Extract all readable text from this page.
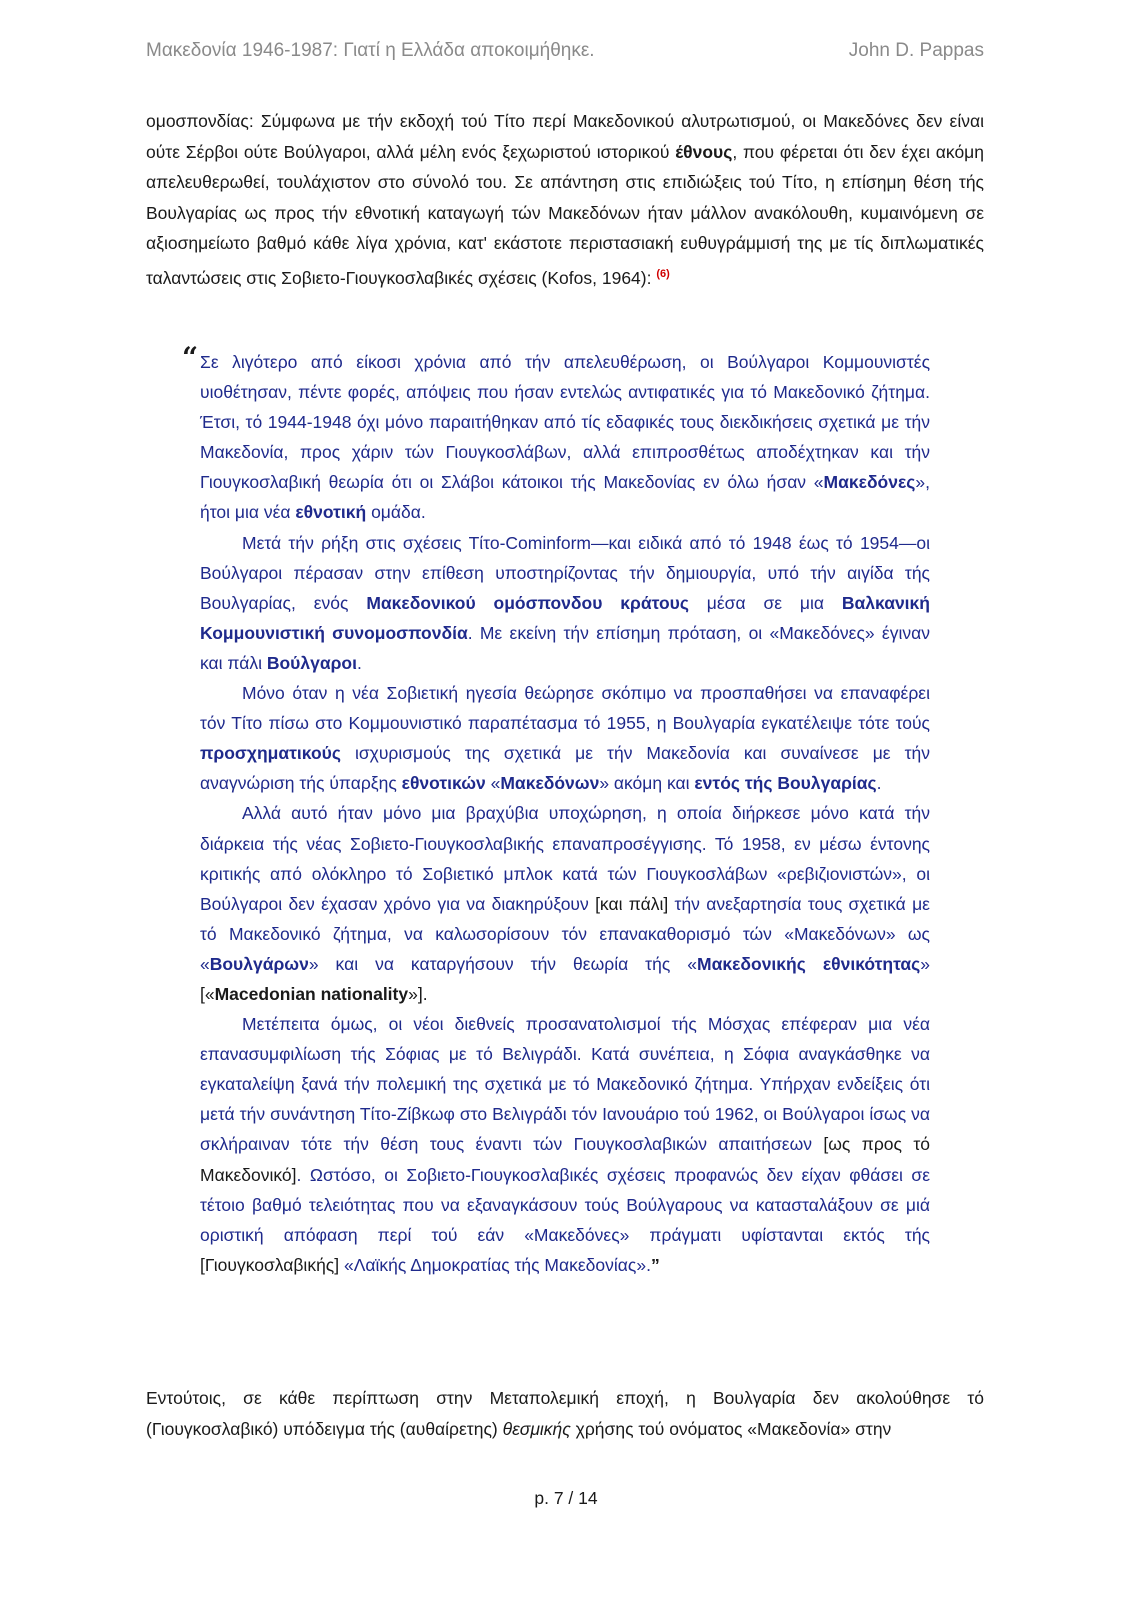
Μακεδονία 1946-1987: Γιατί η Ελλάδα αποκοιμήθηκε.	John D. Pappas
ομοσπονδίας: Σύμφωνα με τήν εκδοχή τού Τίτο περί Μακεδονικού αλυτρωτισμού, οι Μακεδόνες δεν είναι ούτε Σέρβοι ούτε Βούλγαροι, αλλά μέλη ενός ξεχωριστού ιστορικού έθνους, που φέρεται ότι δεν έχει ακόμη απελευθερωθεί, τουλάχιστον στο σύνολό του. Σε απάντηση στις επιδιώξεις τού Τίτο, η επίσημη θέση τής Βουλγαρίας ως προς τήν εθνοτική καταγωγή τών Μακεδόνων ήταν μάλλον ανακόλουθη, κυμαινόμενη σε αξιοσημείωτο βαθμό κάθε λίγα χρόνια, κατ' εκάστοτε περιστασιακή ευθυγράμμισή της με τίς διπλωματικές ταλαντώσεις στις Σοβιετο-Γιουγκοσλαβικές σχέσεις (Kofos, 1964): $^{(6)}$
“ Σε λιγότερο από είκοσι χρόνια από τήν απελευθέρωση, οι Βούλγαροι Κομμουνιστές υιοθέτησαν, πέντε φορές, απόψεις που ήσαν εντελώς αντιφατικές για τό Μακεδονικό ζήτημα. Έτσι, τό 1944-1948 όχι μόνο παραιτήθηκαν από τίς εδαφικές τους διεκδικήσεις σχετικά με τήν Μακεδονία, προς χάριν τών Γιουγκοσλάβων, αλλά επιπροσθέτως αποδέχτηκαν και τήν Γιουγκοσλαβική θεωρία ότι οι Σλάβοι κάτοικοι τής Μακεδονίας εν όλω ήσαν «Μακεδόνες», ήτοι μια νέα εθνοτική ομάδα.

Μετά τήν ρήξη στις σχέσεις Τίτο-Cominform—και ειδικά από τό 1948 έως τό 1954—οι Βούλγαροι πέρασαν στην επίθεση υποστηρίζοντας τήν δημιουργία, υπό τήν αιγίδα τής Βουλγαρίας, ενός Μακεδονικού ομόσπονδου κράτους μέσα σε μια Βαλκανική Κομμουνιστική συνομοσπονδία. Με εκείνη τήν επίσημη πρόταση, οι «Μακεδόνες» έγιναν και πάλι Βούλγαροι.

Μόνο όταν η νέα Σοβιετική ηγεσία θεώρησε σκόπιμο να προσπαθήσει να επαναφέρει τόν Τίτο πίσω στο Κομμουνιστικό παραπέτασμα τό 1955, η Βουλγαρία εγκατέλειψε τότε τούς προσχηματικούς ισχυρισμούς της σχετικά με τήν Μακεδονία και συναίνεσε με τήν αναγνώριση τής ύπαρξης εθνοτικών «Μακεδόνων» ακόμη και εντός τής Βουλγαρίας.

Αλλά αυτό ήταν μόνο μια βραχύβια υποχώρηση, η οποία διήρκεσε μόνο κατά τήν διάρκεια τής νέας Σοβιετο-Γιουγκοσλαβικής επαναπροσέγγισης. Τό 1958, εν μέσω έντονης κριτικής από ολόκληρο τό Σοβιετικό μπλοκ κατά τών Γιουγκοσλάβων «ρεβιζιονιστών», οι Βούλγαροι δεν έχασαν χρόνο για να διακηρύξουν [και πάλι] τήν ανεξαρτησία τους σχετικά με τό Μακεδονικό ζήτημα, να καλωσορίσουν τόν επανακαθορισμό τών «Μακεδόνων» ως «Βουλγάρων» και να καταργήσουν τήν θεωρία τής «Μακεδονικής εθνικότητας» [«Macedonian nationality»].

Μετέπειτα όμως, οι νέοι διεθνείς προσανατολισμοί τής Μόσχας επέφεραν μια νέα επανασυμφιλίωση τής Σόφιας με τό Βελιγράδι. Κατά συνέπεια, η Σόφια αναγκάσθηκε να εγκαταλείψη ξανά τήν πολεμική της σχετικά με τό Μακεδονικό ζήτημα. Υπήρχαν ενδείξεις ότι μετά τήν συνάντηση Τίτο-Ζίβκωφ στο Βελιγράδι τόν Ιανουάριο τού 1962, οι Βούλγαροι ίσως να σκλήραιναν τότε τήν θέση τους έναντι τών Γιουγκοσλαβικών απαιτήσεων [ως προς τό Μακεδονικό]. Ωστόσο, οι Σοβιετο-Γιουγκοσλαβικές σχέσεις προφανώς δεν είχαν φθάσει σε τέτοιο βαθμό τελειότητας που να εξαναγκάσουν τούς Βούλγαρους να κατασταλάξουν σε μιά οριστική απόφαση περί τού εάν «Μακεδόνες» πράγματι υφίστανται εκτός τής [Γιουγκοσλαβικής] «Λαϊκής Δημοκρατίας τής Μακεδονίας».”

Εντούτοις, σε κάθε περίπτωση στην Μεταπολεμική εποχή, η Βουλγαρία δεν ακολούθησε τό (Γιουγκοσλαβικό) υπόδειγμα τής (αυθαίρετης) θεσμικής χρήσης τού ονόματος «Μακεδονία» στην
p. 7 / 14
